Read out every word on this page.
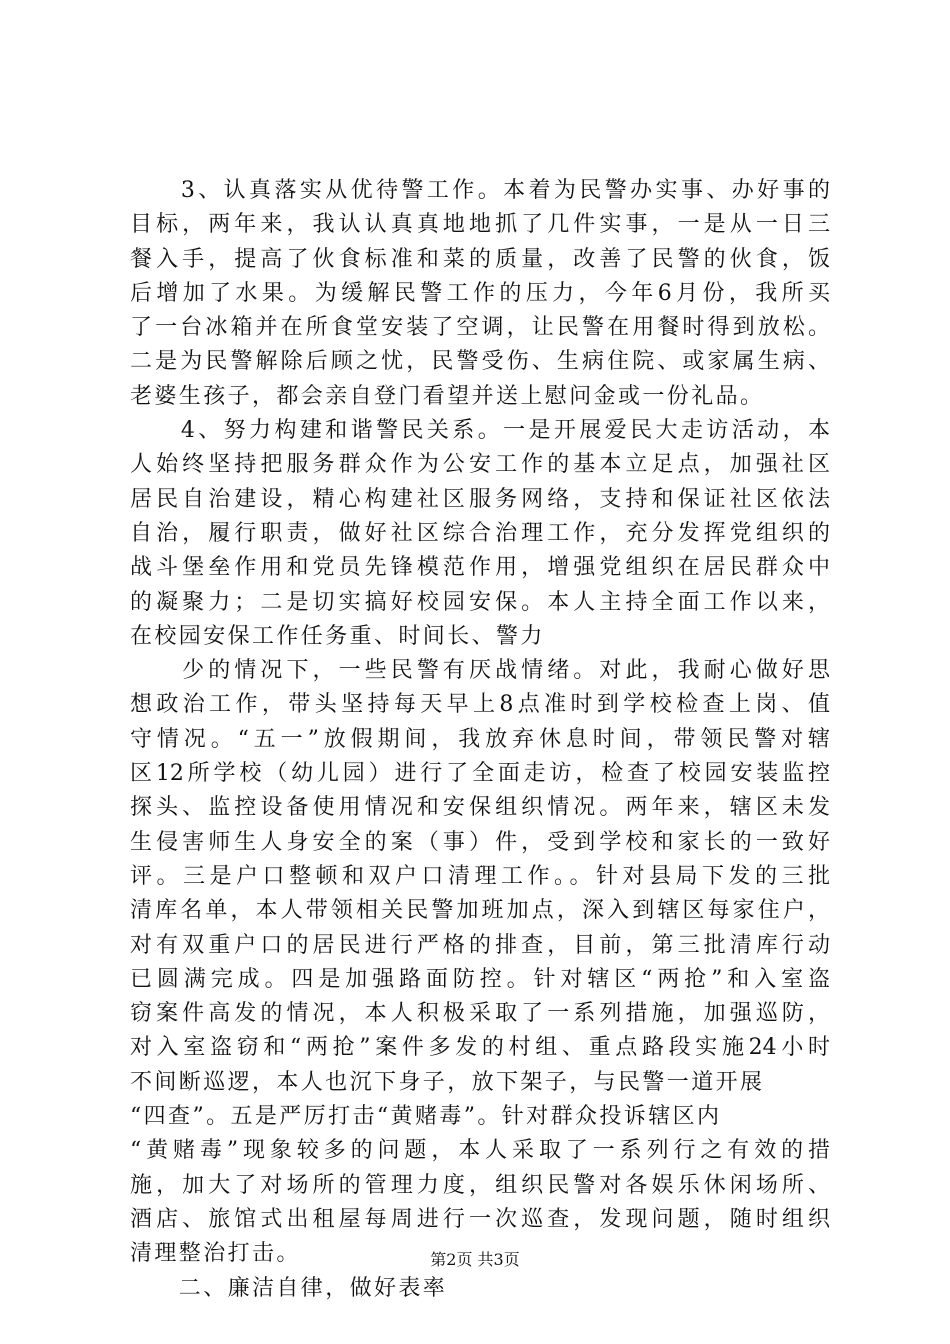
　　3、认真落实从优待警工作。本着为民警办实事、办好事的
目标，两年来，我认认真真地地抓了几件实事，一是从一日三
餐入手，提高了伙食标准和菜的质量，改善了民警的伙食，饭
后增加了水果。为缓解民警工作的压力，今年6月份，我所买
了一台冰箱并在所食堂安装了空调，让民警在用餐时得到放松。
二是为民警解除后顾之忧，民警受伤、生病住院、或家属生病、
老婆生孩子，都会亲自登门看望并送上慰问金或一份礼品。
　　4、努力构建和谐警民关系。一是开展爱民大走访活动，本
人始终坚持把服务群众作为公安工作的基本立足点，加强社区
居民自治建设，精心构建社区服务网络，支持和保证社区依法
自治，履行职责，做好社区综合治理工作，充分发挥党组织的
战斗堡垒作用和党员先锋模范作用，增强党组织在居民群众中
的凝聚力；二是切实搞好校园安保。本人主持全面工作以来，
在校园安保工作任务重、时间长、警力
　　少的情况下，一些民警有厌战情绪。对此，我耐心做好思
想政治工作，带头坚持每天早上8点准时到学校检查上岗、值
守情况。“五一”放假期间，我放弃休息时间，带领民警对辖
区12所学校（幼儿园）进行了全面走访，检查了校园安装监控
探头、监控设备使用情况和安保组织情况。两年来，辖区未发
生侵害师生人身安全的案（事）件，受到学校和家长的一致好
评。三是户口整顿和双户口清理工作。。针对县局下发的三批
清库名单，本人带领相关民警加班加点，深入到辖区每家住户，
对有双重户口的居民进行严格的排查，目前，第三批清库行动
已圆满完成。四是加强路面防控。针对辖区“两抢”和入室盗
窃案件高发的情况，本人积极采取了一系列措施，加强巡防，
对入室盗窃和“两抢”案件多发的村组、重点路段实施24小时
不间断巡逻，本人也沉下身子，放下架子，与民警一道开展
“四查”。五是严厉打击“黄赌毒”。针对群众投诉辖区内
“黄赌毒”现象较多的问题，本人采取了一系列行之有效的措
施，加大了对场所的管理力度，组织民警对各娱乐休闲场所、
酒店、旅馆式出租屋每周进行一次巡查，发现问题，随时组织
清理整治打击。
　　二、廉洁自律，做好表率
第2页 共3页
